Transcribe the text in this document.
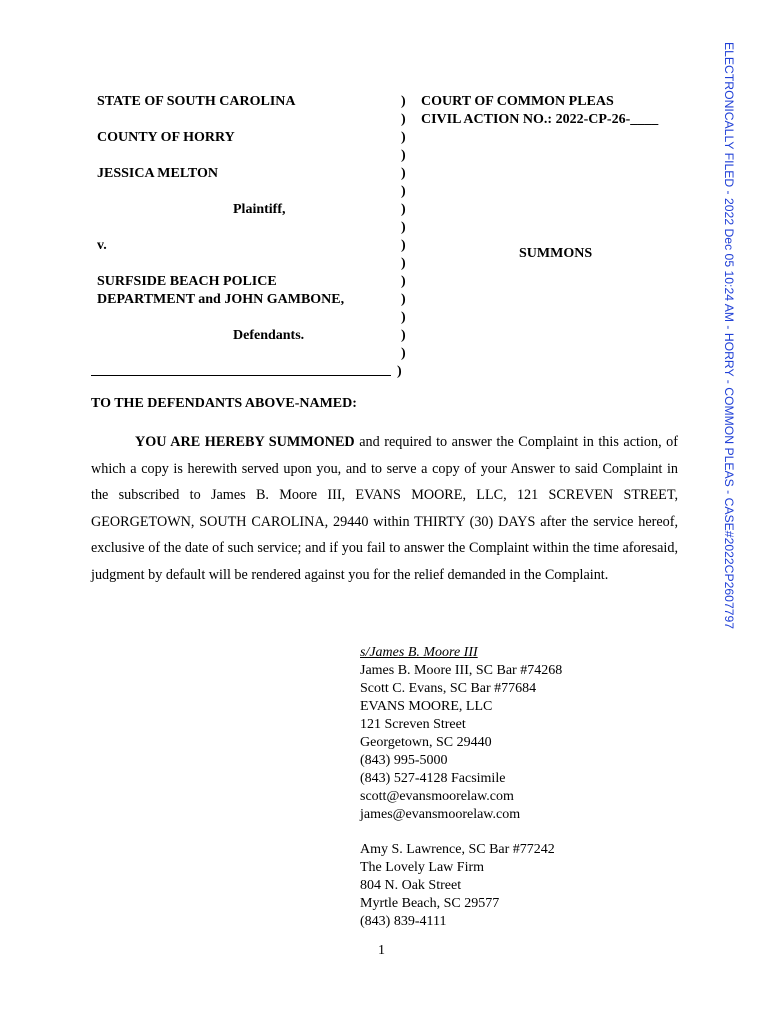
STATE OF SOUTH CAROLINA
COUNTY OF HORRY
JESSICA MELTON
Plaintiff,
v.
SURFSIDE BEACH POLICE
DEPARTMENT and JOHN GAMBONE,
Defendants.
)
)
)
)
)
)
)
)
)
)
)
)
)
)
)
)
COURT OF COMMON PLEAS
CIVIL ACTION NO.: 2022-CP-26-____
SUMMONS
TO THE DEFENDANTS ABOVE-NAMED:
YOU ARE HEREBY SUMMONED and required to answer the Complaint in this action, of which a copy is herewith served upon you, and to serve a copy of your Answer to said Complaint in the subscribed to James B. Moore III, EVANS MOORE, LLC, 121 SCREVEN STREET, GEORGETOWN, SOUTH CAROLINA, 29440 within THIRTY (30) DAYS after the service hereof, exclusive of the date of such service; and if you fail to answer the Complaint within the time aforesaid, judgment by default will be rendered against you for the relief demanded in the Complaint.
s/James B. Moore III
James B. Moore III, SC Bar #74268
Scott C. Evans, SC Bar #77684
EVANS MOORE, LLC
121 Screven Street
Georgetown, SC 29440
(843) 995-5000
(843) 527-4128 Facsimile
scott@evansmoorelaw.com
james@evansmoorelaw.com
Amy S. Lawrence, SC Bar #77242
The Lovely Law Firm
804 N. Oak Street
Myrtle Beach, SC 29577
(843) 839-4111
1
ELECTRONICALLY FILED - 2022 Dec 05 10:24 AM - HORRY - COMMON PLEAS - CASE#2022CP2607797
